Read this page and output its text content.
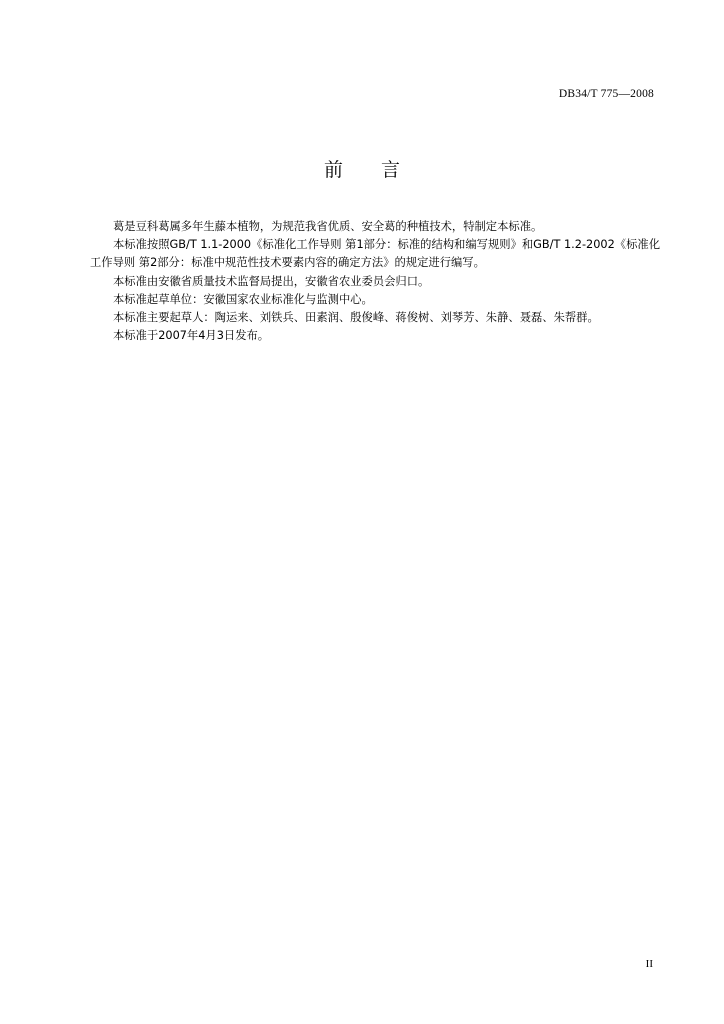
DB34/T 775—2008
前言

葛是豆科葛属多年生藤本植物，为规范我省优质、安全葛的种植技术，特制定本标准。

本标准按照GB/T 1.1-2000《标准化工作导则 第1部分：标准的结构和编写规则》和GB/T 1.2-2002《标准化工作导则 第2部分：标准中规范性技术要素内容的确定方法》的规定进行编写。

本标准由安徽省质量技术监督局提出，安徽省农业委员会归口。

本标准起草单位：安徽国家农业标准化与监测中心。

本标准主要起草人：陶运来、刘铁兵、田素润、殷俊峰、蒋俊树、刘琴芳、朱静、聂磊、朱帮群。

本标准于2007年4月3日发布。

II
